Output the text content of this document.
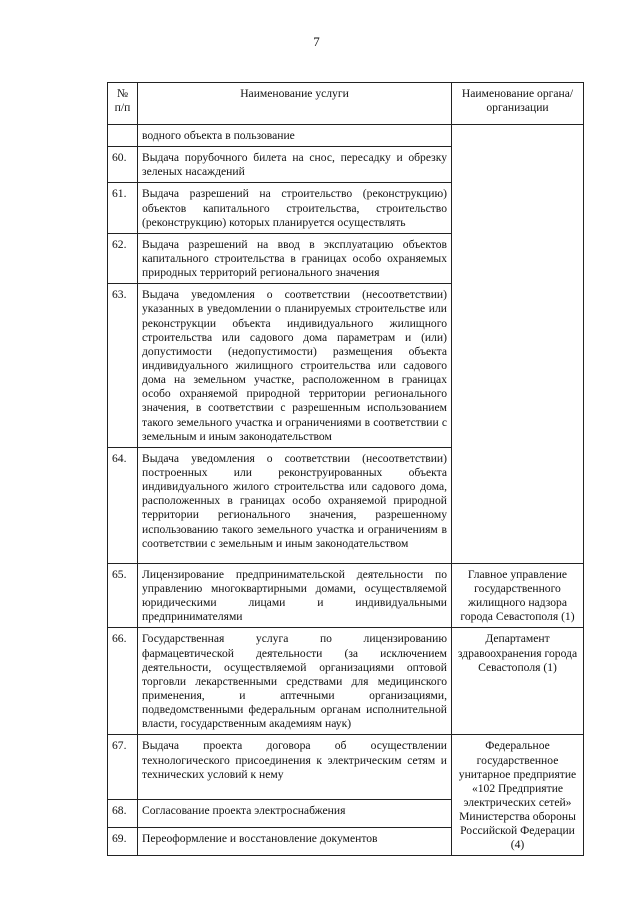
7
№ п/п	Наименование услуги	Наименование органа/организации
	водного объекта в пользование	
60.	Выдача порубочного билета на снос, пересадку и обрезку зеленых насаждений	
61.	Выдача разрешений на строительство (реконструкцию) объектов капитального строительства, строительство (реконструкцию) которых планируется осуществлять	
62.	Выдача разрешений на ввод в эксплуатацию объектов капитального строительства в границах особо охраняемых природных территорий регионального значения	
63.	Выдача уведомления о соответствии (несоответствии) указанных в уведомлении о планируемых строительстве или реконструкции объекта индивидуального жилищного строительства или садового дома параметрам и (или) допустимости (недопустимости) размещения объекта индивидуального жилищного строительства или садового дома на земельном участке, расположенном в границах особо охраняемой природной территории регионального значения, в соответствии с разрешенным использованием такого земельного участка и ограничениями в соответствии с земельным и иным законодательством	
64.	Выдача уведомления о соответствии (несоответствии) построенных или реконструированных объекта индивидуального жилого строительства или садового дома, расположенных в границах особо охраняемой природной территории регионального значения, разрешенному использованию такого земельного участка и ограничениям в соответствии с земельным и иным законодательством	
65.	Лицензирование предпринимательской деятельности по управлению многоквартирными домами, осуществляемой юридическими лицами и индивидуальными предпринимателями	Главное управление государственного жилищного надзора города Севастополя (1)
66.	Государственная услуга по лицензированию фармацевтической деятельности (за исключением деятельности, осуществляемой организациями оптовой торговли лекарственными средствами для медицинского применения, и аптечными организациями, подведомственными федеральным органам исполнительной власти, государственным академиям наук)	Департамент здравоохранения города Севастополя (1)
67.	Выдача проекта договора об осуществлении технологического присоединения к электрическим сетям и технических условий к нему	Федеральное государственное унитарное предприятие «102 Предприятие электрических сетей» Министерства обороны Российской Федерации (4)
68.	Согласование проекта электроснабжения	
69.	Переоформление и восстановление документов	
